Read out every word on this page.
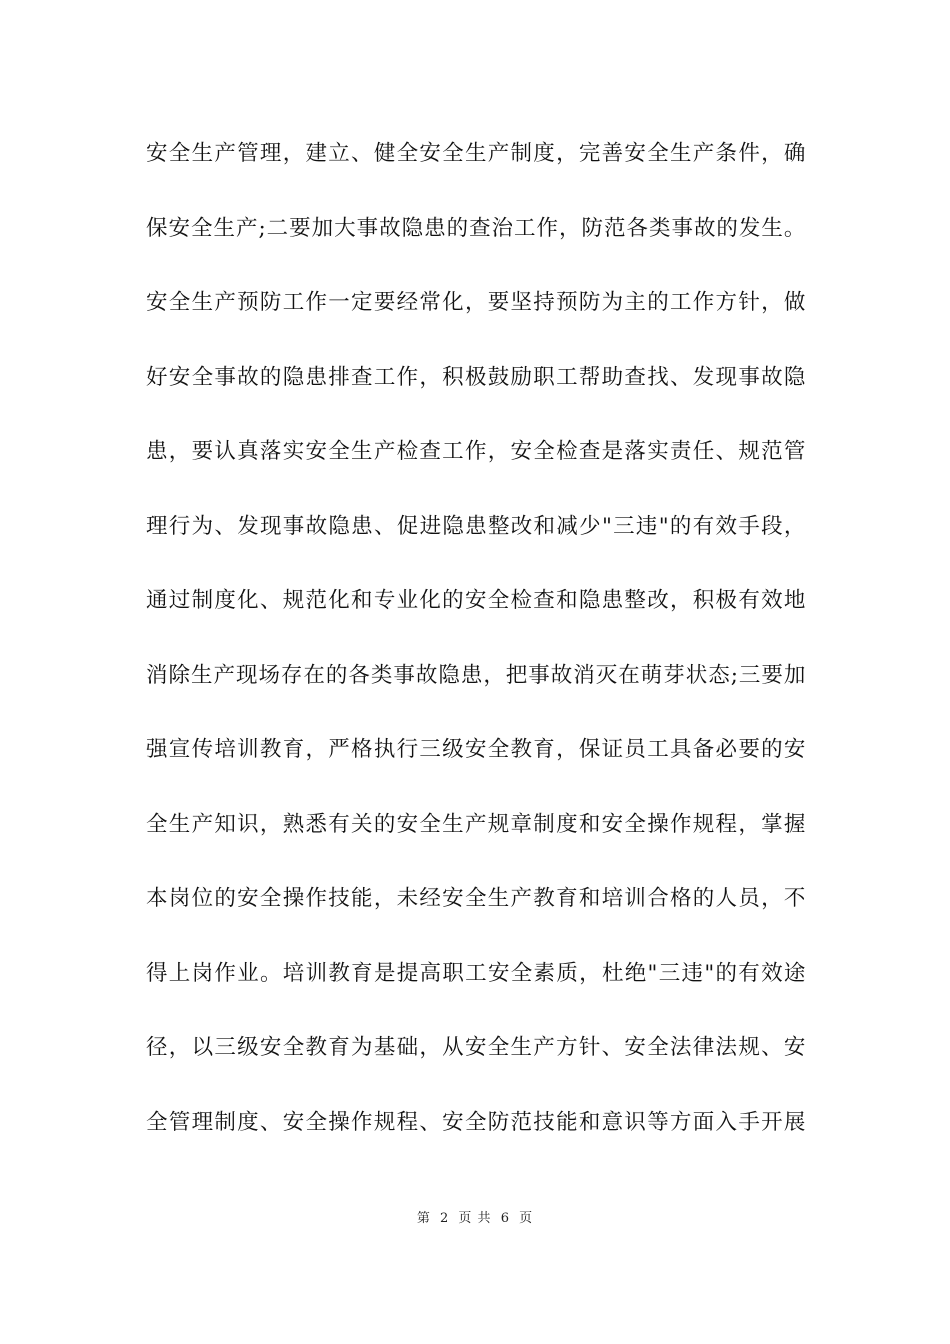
安全生产管理，建立、健全安全生产制度，完善安全生产条件，确
保安全生产;二要加大事故隐患的查治工作，防范各类事故的发生。
安全生产预防工作一定要经常化，要坚持预防为主的工作方针，做
好安全事故的隐患排查工作，积极鼓励职工帮助查找、发现事故隐
患，要认真落实安全生产检查工作，安全检查是落实责任、规范管
理行为、发现事故隐患、促进隐患整改和减少"三违"的有效手段，
通过制度化、规范化和专业化的安全检查和隐患整改，积极有效地
消除生产现场存在的各类事故隐患，把事故消灭在萌芽状态;三要加
强宣传培训教育，严格执行三级安全教育，保证员工具备必要的安
全生产知识，熟悉有关的安全生产规章制度和安全操作规程，掌握
本岗位的安全操作技能，未经安全生产教育和培训合格的人员，不
得上岗作业。培训教育是提高职工安全素质，杜绝"三违"的有效途
径，以三级安全教育为基础，从安全生产方针、安全法律法规、安
全管理制度、安全操作规程、安全防范技能和意识等方面入手开展
第 2 页 共 6 页
